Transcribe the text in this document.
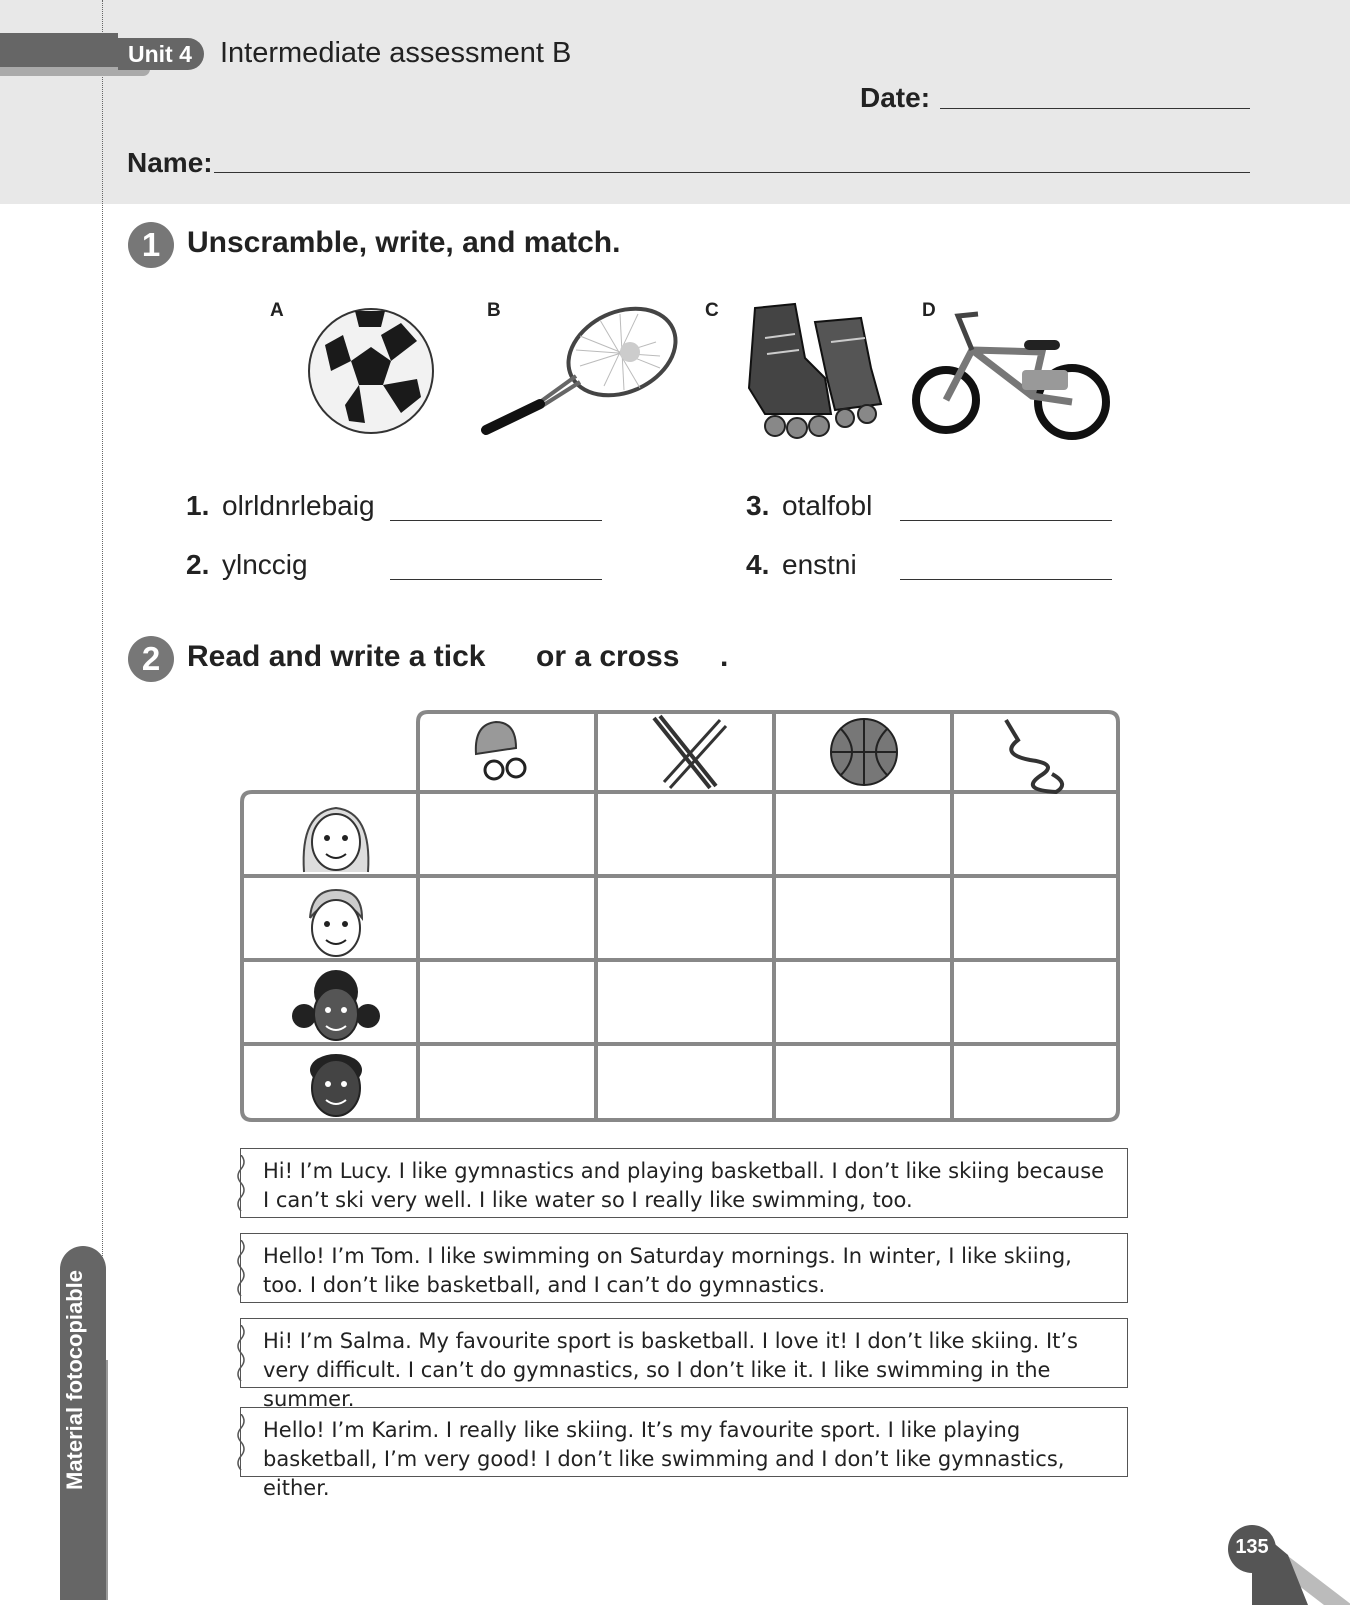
Unit 4 Intermediate assessment B
Date:
Name:
1 Unscramble, write, and match.
A	B	C	D
1. olrldnrlebaig
2. ylnccig
3. otalfobl
4. enstni
2 Read and write a tick or a cross .
Hi! I’m Lucy. I like gymnastics and playing basketball. I don’t like skiing because I can’t ski very well. I like water so I really like swimming, too.
Hello! I’m Tom. I like swimming on Saturday mornings. In winter, I like skiing, too. I don’t like basketball, and I can’t do gymnastics.
Hi! I’m Salma. My favourite sport is basketball. I love it! I don’t like skiing. It’s very difficult. I can’t do gymnastics, so I don’t like it. I like swimming in the summer.
Hello! I’m Karim. I really like skiing. It’s my favourite sport. I like playing basketball, I’m very good! I don’t like swimming and I don’t like gymnastics, either.
Material fotocopiable
135
